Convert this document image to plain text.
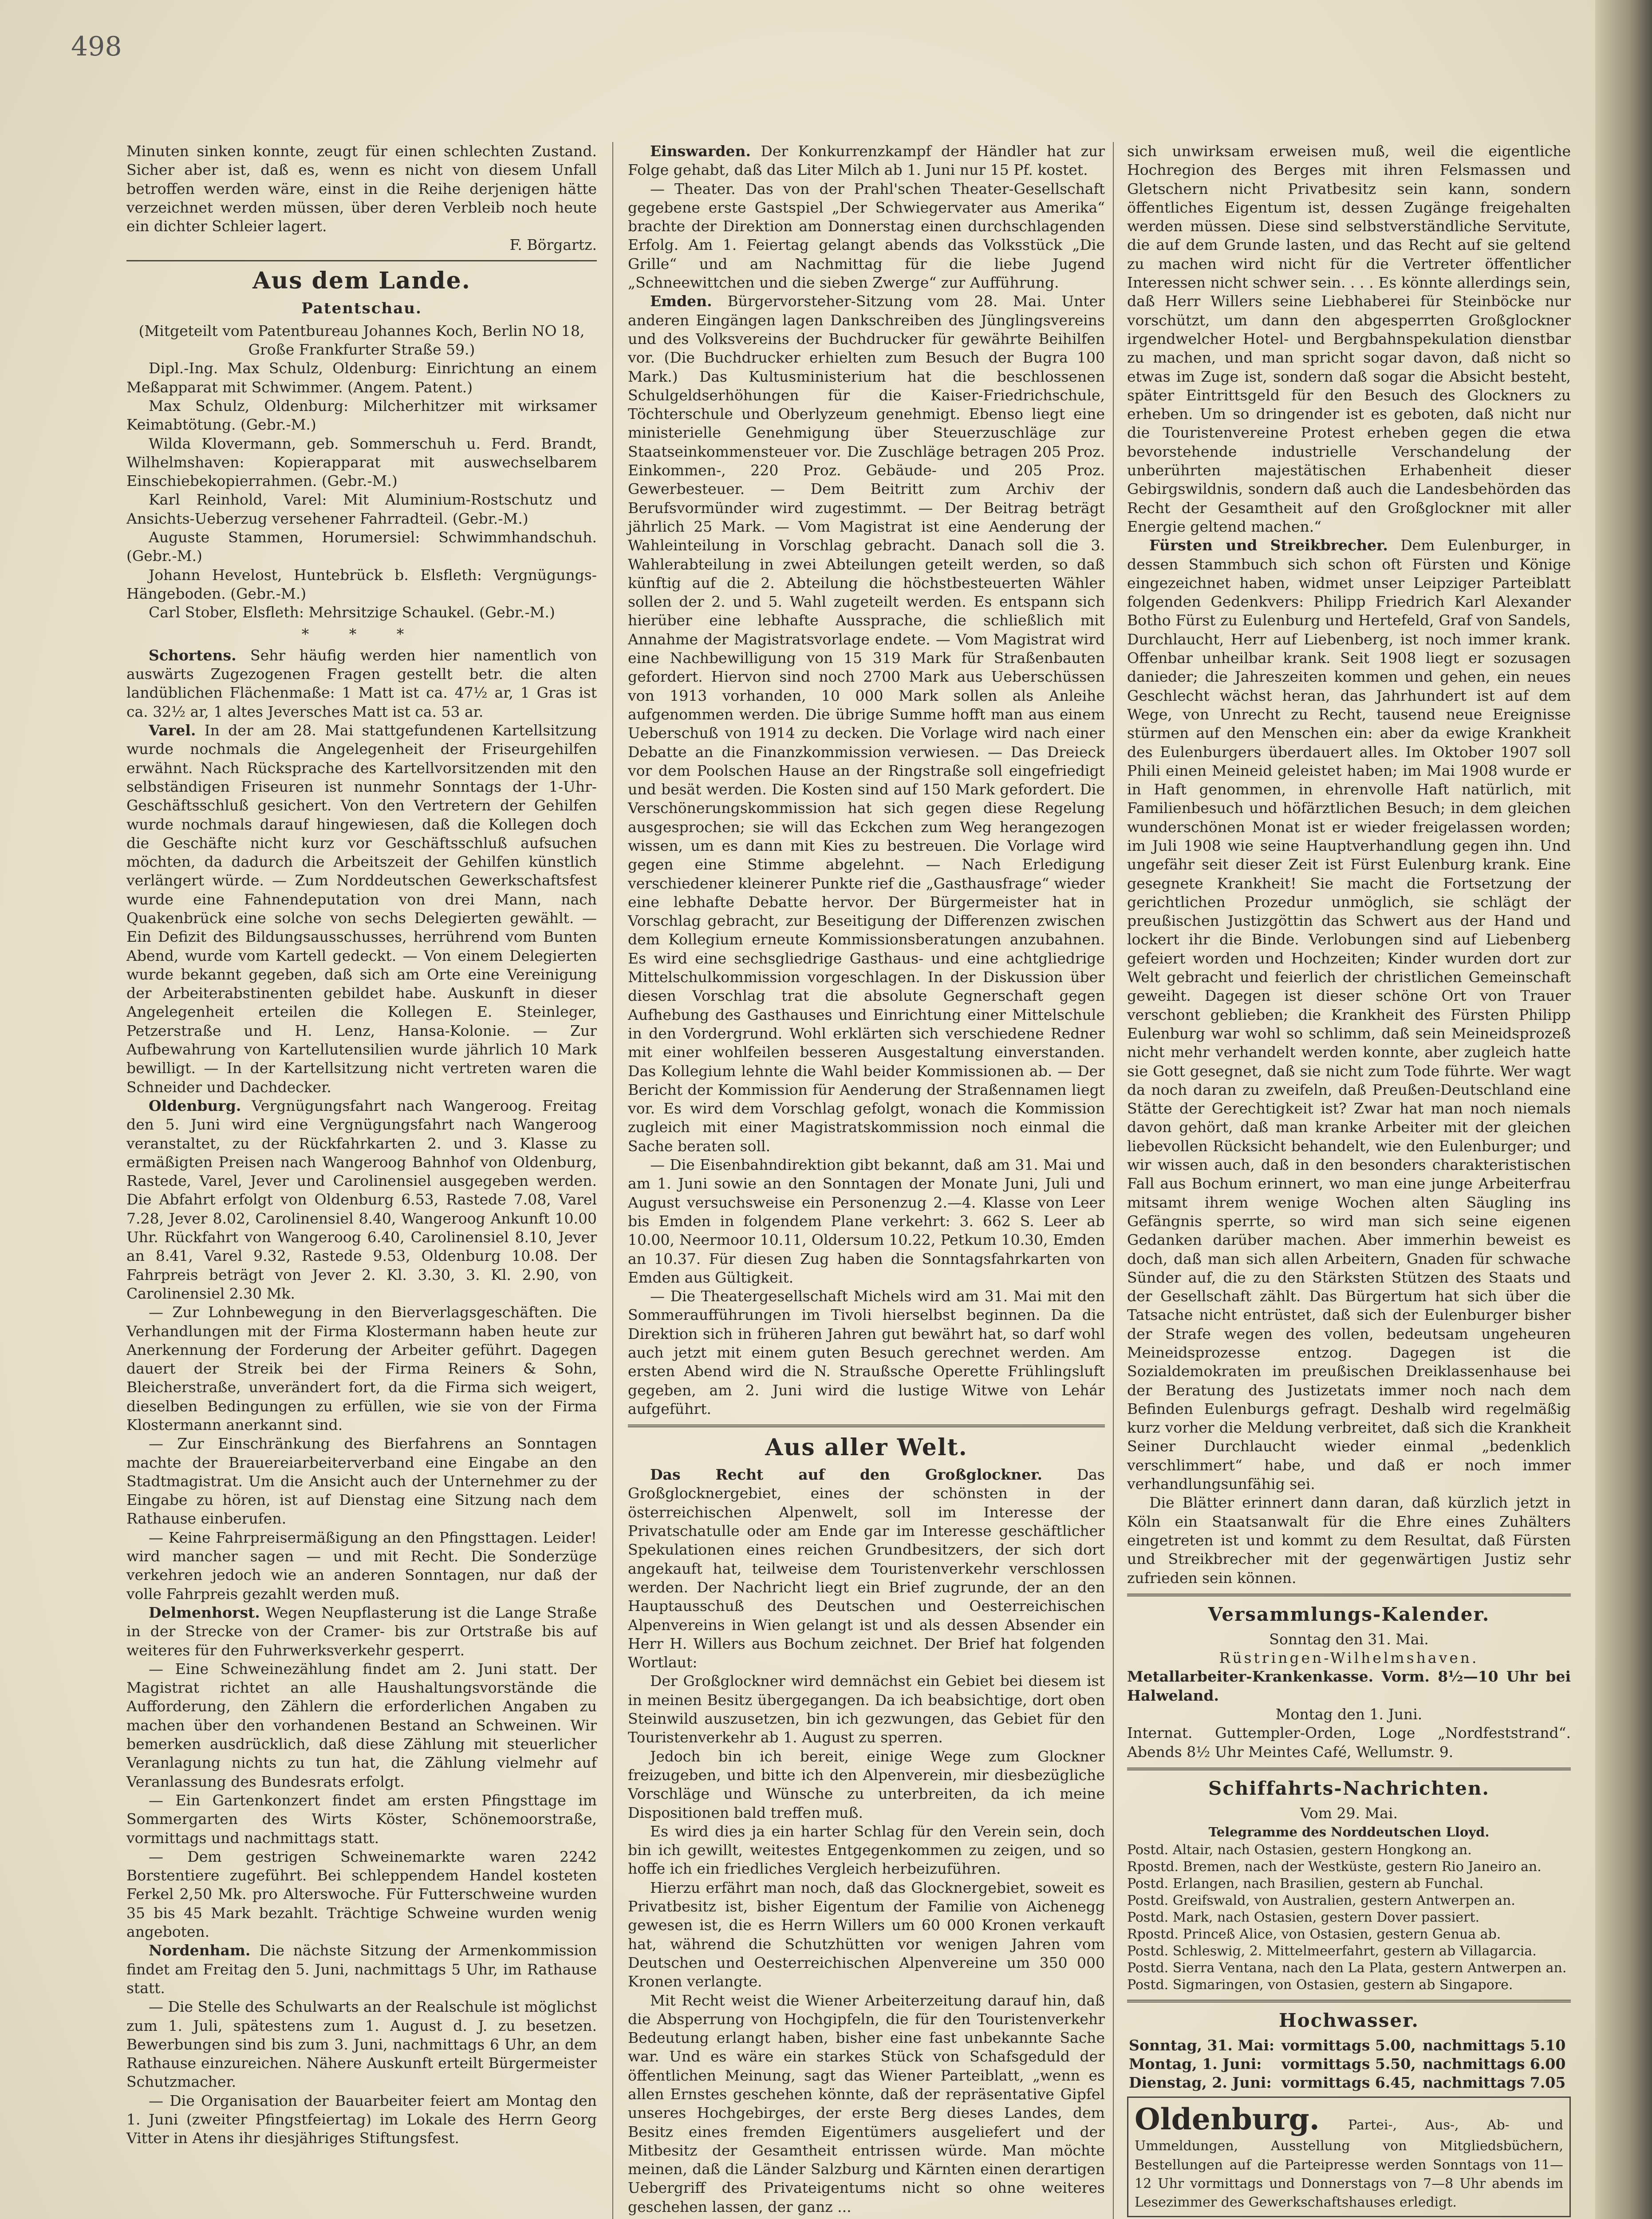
498

Minuten sinken konnte, zeugt für einen schlechten Zustand. Sicher aber ist, daß es, wenn es nicht von diesem Unfall betroffen werden wäre, einst in die Reihe derjenigen hätte verzeichnet werden müssen, über deren Verbleib noch heute ein dichter Schleier lagert.

F. Börgartz.

Aus dem Lande.
Patentschau.

(Mitgeteilt vom Patentbureau Johannes Koch, Berlin NO 18, Große Frankfurter Straße 59.)

Dipl.-Ing. Max Schulz, Oldenburg: Einrichtung an einem Meßapparat mit Schwimmer. (Angem. Patent.)

Max Schulz, Oldenburg: Milcherhitzer mit wirksamer Keimabtötung. (Gebr.-M.)

Wilda Klovermann, geb. Sommerschuh u. Ferd. Brandt, Wilhelmshaven: Kopierapparat mit auswechselbarem Einschiebekopierrahmen. (Gebr.-M.)

Karl Reinhold, Varel: Mit Aluminium-Rostschutz und Ansichts-Ueberzug versehener Fahrradteil. (Gebr.-M.)

Auguste Stammen, Horumersiel: Schwimmhandschuh. (Gebr.-M.)

Johann Hevelost, Huntebrück b. Elsfleth: Vergnügungs-Hängeboden. (Gebr.-M.)

Carl Stober, Elsfleth: Mehrsitzige Schaukel. (Gebr.-M.)

* * *

Schortens. Sehr häufig werden hier namentlich von auswärts Zugezogenen Fragen gestellt betr. die alten landüblichen Flächenmaße: 1 Matt ist ca. 47½ ar, 1 Gras ist ca. 32½ ar, 1 altes Jeversches Matt ist ca. 53 ar.

Varel. In der am 28. Mai stattgefundenen Kartellsitzung wurde nochmals die Angelegenheit der Friseurgehilfen erwähnt. Nach Rücksprache des Kartellvorsitzenden mit den selbständigen Friseuren ist nunmehr Sonntags der 1-Uhr-Geschäftsschluß gesichert. Von den Vertretern der Gehilfen wurde nochmals darauf hingewiesen, daß die Kollegen doch die Geschäfte nicht kurz vor Geschäftsschluß aufsuchen möchten, da dadurch die Arbeitszeit der Gehilfen künstlich verlängert würde. — Zum Norddeutschen Gewerkschaftsfest wurde eine Fahnendeputation von drei Mann, nach Quakenbrück eine solche von sechs Delegierten gewählt. — Ein Defizit des Bildungsausschusses, herrührend vom Bunten Abend, wurde vom Kartell gedeckt. — Von einem Delegierten wurde bekannt gegeben, daß sich am Orte eine Vereinigung der Arbeiterabstinenten gebildet habe. Auskunft in dieser Angelegenheit erteilen die Kollegen E. Steinleger, Petzerstraße und H. Lenz, Hansa-Kolonie. — Zur Aufbewahrung von Kartellutensilien wurde jährlich 10 Mark bewilligt. — In der Kartellsitzung nicht vertreten waren die Schneider und Dachdecker.

Oldenburg. Vergnügungsfahrt nach Wangeroog. Freitag den 5. Juni wird eine Vergnügungsfahrt nach Wangeroog veranstaltet, zu der Rückfahrkarten 2. und 3. Klasse zu ermäßigten Preisen nach Wangeroog Bahnhof von Oldenburg, Rastede, Varel, Jever und Carolinensiel ausgegeben werden. Die Abfahrt erfolgt von Oldenburg 6.53, Rastede 7.08, Varel 7.28, Jever 8.02, Carolinensiel 8.40, Wangeroog Ankunft 10.00 Uhr. Rückfahrt von Wangeroog 6.40, Carolinensiel 8.10, Jever an 8.41, Varel 9.32, Rastede 9.53, Oldenburg 10.08. Der Fahrpreis beträgt von Jever 2. Kl. 3.30, 3. Kl. 2.90, von Carolinensiel 2.30 Mk.

— Zur Lohnbewegung in den Bierverlagsgeschäften. Die Verhandlungen mit der Firma Klostermann haben heute zur Anerkennung der Forderung der Arbeiter geführt. Dagegen dauert der Streik bei der Firma Reiners & Sohn, Bleicherstraße, unverändert fort, da die Firma sich weigert, dieselben Bedingungen zu erfüllen, wie sie von der Firma Klostermann anerkannt sind.

— Zur Einschränkung des Bierfahrens an Sonntagen machte der Brauereiarbeiterverband eine Eingabe an den Stadtmagistrat. Um die Ansicht auch der Unternehmer zu der Eingabe zu hören, ist auf Dienstag eine Sitzung nach dem Rathause einberufen.

— Keine Fahrpreisermäßigung an den Pfingsttagen. Leider! wird mancher sagen — und mit Recht. Die Sonderzüge verkehren jedoch wie an anderen Sonntagen, nur daß der volle Fahrpreis gezahlt werden muß.

Delmenhorst. Wegen Neupflasterung ist die Lange Straße in der Strecke von der Cramer- bis zur Ortstraße bis auf weiteres für den Fuhrwerksverkehr gesperrt.

— Eine Schweinezählung findet am 2. Juni statt. Der Magistrat richtet an alle Haushaltungsvorstände die Aufforderung, den Zählern die erforderlichen Angaben zu machen über den vorhandenen Bestand an Schweinen. Wir bemerken ausdrücklich, daß diese Zählung mit steuerlicher Veranlagung nichts zu tun hat, die Zählung vielmehr auf Veranlassung des Bundesrats erfolgt.

— Ein Gartenkonzert findet am ersten Pfingsttage im Sommergarten des Wirts Köster, Schönemoorstraße, vormittags und nachmittags statt.

— Dem gestrigen Schweinemarkte waren 2242 Borstentiere zugeführt. Bei schleppendem Handel kosteten Ferkel 2,50 Mk. pro Alterswoche. Für Futterschweine wurden 35 bis 45 Mark bezahlt. Trächtige Schweine wurden wenig angeboten.

Nordenham. Die nächste Sitzung der Armenkommission findet am Freitag den 5. Juni, nachmittags 5 Uhr, im Rathause statt.

— Die Stelle des Schulwarts an der Realschule ist möglichst zum 1. Juli, spätestens zum 1. August d. J. zu besetzen. Bewerbungen sind bis zum 3. Juni, nachmittags 6 Uhr, an dem Rathause einzureichen. Nähere Auskunft erteilt Bürgermeister Schutzmacher.

— Die Organisation der Bauarbeiter feiert am Montag den 1. Juni (zweiter Pfingstfeiertag) im Lokale des Herrn Georg Vitter in Atens ihr diesjähriges Stiftungsfest.

Einswarden. Der Konkurrenzkampf der Händler hat zur Folge gehabt, daß das Liter Milch ab 1. Juni nur 15 Pf. kostet.

— Theater. Das von der Prahl'schen Theater-Gesellschaft gegebene erste Gastspiel „Der Schwiegervater aus Amerika“ brachte der Direktion am Donnerstag einen durchschlagenden Erfolg. Am 1. Feiertag gelangt abends das Volksstück „Die Grille“ und am Nachmittag für die liebe Jugend „Schneewittchen und die sieben Zwerge“ zur Aufführung.

Emden. Bürgervorsteher-Sitzung vom 28. Mai. Unter anderen Eingängen lagen Dankschreiben des Jünglingsvereins und des Volksvereins der Buchdrucker für gewährte Beihilfen vor. (Die Buchdrucker erhielten zum Besuch der Bugra 100 Mark.) Das Kultusministerium hat die beschlossenen Schulgeldserhöhungen für die Kaiser-Friedrichschule, Töchterschule und Oberlyzeum genehmigt. Ebenso liegt eine ministerielle Genehmigung über Steuerzuschläge zur Staatseinkommensteuer vor. Die Zuschläge betragen 205 Proz. Einkommen-, 220 Proz. Gebäude- und 205 Proz. Gewerbesteuer. — Dem Beitritt zum Archiv der Berufsvormünder wird zugestimmt. — Der Beitrag beträgt jährlich 25 Mark. — Vom Magistrat ist eine Aenderung der Wahleinteilung in Vorschlag gebracht. Danach soll die 3. Wahlerabteilung in zwei Abteilungen geteilt werden, so daß künftig auf die 2. Abteilung die höchstbesteuerten Wähler sollen der 2. und 5. Wahl zugeteilt werden. Es entspann sich hierüber eine lebhafte Aussprache, die schließlich mit Annahme der Magistratsvorlage endete. — Vom Magistrat wird eine Nachbewilligung von 15 319 Mark für Straßenbauten gefordert. Hiervon sind noch 2700 Mark aus Ueberschüssen von 1913 vorhanden, 10 000 Mark sollen als Anleihe aufgenommen werden. Die übrige Summe hofft man aus einem Ueberschuß von 1914 zu decken. Die Vorlage wird nach einer Debatte an die Finanzkommission verwiesen. — Das Dreieck vor dem Poolschen Hause an der Ringstraße soll eingefriedigt und besät werden. Die Kosten sind auf 150 Mark gefordert. Die Verschönerungskommission hat sich gegen diese Regelung ausgesprochen; sie will das Eckchen zum Weg herangezogen wissen, um es dann mit Kies zu bestreuen. Die Vorlage wird gegen eine Stimme abgelehnt. — Nach Erledigung verschiedener kleinerer Punkte rief die „Gasthausfrage“ wieder eine lebhafte Debatte hervor. Der Bürgermeister hat in Vorschlag gebracht, zur Beseitigung der Differenzen zwischen dem Kollegium erneute Kommissionsberatungen anzubahnen. Es wird eine sechsgliedrige Gasthaus- und eine achtgliedrige Mittelschulkommission vorgeschlagen. In der Diskussion über diesen Vorschlag trat die absolute Gegnerschaft gegen Aufhebung des Gasthauses und Einrichtung einer Mittelschule in den Vordergrund. Wohl erklärten sich verschiedene Redner mit einer wohlfeilen besseren Ausgestaltung einverstanden. Das Kollegium lehnte die Wahl beider Kommissionen ab. — Der Bericht der Kommission für Aenderung der Straßennamen liegt vor. Es wird dem Vorschlag gefolgt, wonach die Kommission zugleich mit einer Magistratskommission noch einmal die Sache beraten soll.

— Die Eisenbahndirektion gibt bekannt, daß am 31. Mai und am 1. Juni sowie an den Sonntagen der Monate Juni, Juli und August versuchsweise ein Personenzug 2.—4. Klasse von Leer bis Emden in folgendem Plane verkehrt: 3. 662 S. Leer ab 10.00, Neermoor 10.11, Oldersum 10.22, Petkum 10.30, Emden an 10.37. Für diesen Zug haben die Sonntagsfahrkarten von Emden aus Gültigkeit.

— Die Theatergesellschaft Michels wird am 31. Mai mit den Sommeraufführungen im Tivoli hierselbst beginnen. Da die Direktion sich in früheren Jahren gut bewährt hat, so darf wohl auch jetzt mit einem guten Besuch gerechnet werden. Am ersten Abend wird die N. Straußsche Operette Frühlingsluft gegeben, am 2. Juni wird die lustige Witwe von Lehár aufgeführt.

Aus aller Welt.

Das Recht auf den Großglockner. Das Großglocknergebiet, eines der schönsten in der österreichischen Alpenwelt, soll im Interesse der Privatschatulle oder am Ende gar im Interesse geschäftlicher Spekulationen eines reichen Grundbesitzers, der sich dort angekauft hat, teilweise dem Touristenverkehr verschlossen werden. Der Nachricht liegt ein Brief zugrunde, der an den Hauptausschuß des Deutschen und Oesterreichischen Alpenvereins in Wien gelangt ist und als dessen Absender ein Herr H. Willers aus Bochum zeichnet. Der Brief hat folgenden Wortlaut:

Der Großglockner wird demnächst ein Gebiet bei diesem ist in meinen Besitz übergegangen. Da ich beabsichtige, dort oben Steinwild auszusetzen, bin ich gezwungen, das Gebiet für den Touristenverkehr ab 1. August zu sperren.

Jedoch bin ich bereit, einige Wege zum Glockner freizugeben, und bitte ich den Alpenverein, mir diesbezügliche Vorschläge und Wünsche zu unterbreiten, da ich meine Dispositionen bald treffen muß.

Es wird dies ja ein harter Schlag für den Verein sein, doch bin ich gewillt, weitestes Entgegenkommen zu zeigen, und so hoffe ich ein friedliches Vergleich herbeizuführen.

Hierzu erfährt man noch, daß das Glocknergebiet, soweit es Privatbesitz ist, bisher Eigentum der Familie von Aichenegg gewesen ist, die es Herrn Willers um 60 000 Kronen verkauft hat, während die Schutzhütten vor wenigen Jahren vom Deutschen und Oesterreichischen Alpenvereine um 350 000 Kronen verlangte.

Mit Recht weist die Wiener Arbeiterzeitung darauf hin, daß die Absperrung von Hochgipfeln, die für den Touristenverkehr Bedeutung erlangt haben, bisher eine fast unbekannte Sache war. Und es wäre ein starkes Stück von Schafsgeduld der öffentlichen Meinung, sagt das Wiener Parteiblatt, „wenn es allen Ernstes geschehen könnte, daß der repräsentative Gipfel unseres Hochgebirges, der erste Berg dieses Landes, dem Besitz eines fremden Eigentümers ausgeliefert und der Mitbesitz der Gesamtheit entrissen würde. Man möchte meinen, daß die Länder Salzburg und Kärnten einen derartigen Uebergriff des Privateigentums nicht so ohne weiteres geschehen lassen, der ganz ...

sich unwirksam erweisen muß, weil die eigentliche Hochregion des Berges mit ihren Felsmassen und Gletschern nicht Privatbesitz sein kann, sondern öffentliches Eigentum ist, dessen Zugänge freigehalten werden müssen. Diese sind selbstverständliche Servitute, die auf dem Grunde lasten, und das Recht auf sie geltend zu machen wird nicht für die Vertreter öffentlicher Interessen nicht schwer sein. . . . Es könnte allerdings sein, daß Herr Willers seine Liebhaberei für Steinböcke nur vorschützt, um dann den abgesperrten Großglockner irgendwelcher Hotel- und Bergbahnspekulation dienstbar zu machen, und man spricht sogar davon, daß nicht so etwas im Zuge ist, sondern daß sogar die Absicht besteht, später Eintrittsgeld für den Besuch des Glockners zu erheben. Um so dringender ist es geboten, daß nicht nur die Touristenvereine Protest erheben gegen die etwa bevorstehende industrielle Verschandelung der unberührten majestätischen Erhabenheit dieser Gebirgswildnis, sondern daß auch die Landesbehörden das Recht der Gesamtheit auf den Großglockner mit aller Energie geltend machen.“

Fürsten und Streikbrecher. Dem Eulenburger, in dessen Stammbuch sich schon oft Fürsten und Könige eingezeichnet haben, widmet unser Leipziger Parteiblatt folgenden Gedenkvers: Philipp Friedrich Karl Alexander Botho Fürst zu Eulenburg und Hertefeld, Graf von Sandels, Durchlaucht, Herr auf Liebenberg, ist noch immer krank. Offenbar unheilbar krank. Seit 1908 liegt er sozusagen danieder; die Jahreszeiten kommen und gehen, ein neues Geschlecht wächst heran, das Jahrhundert ist auf dem Wege, von Unrecht zu Recht, tausend neue Ereignisse stürmen auf den Menschen ein: aber da ewige Krankheit des Eulenburgers überdauert alles. Im Oktober 1907 soll Phili einen Meineid geleistet haben; im Mai 1908 wurde er in Haft genommen, in ehrenvolle Haft natürlich, mit Familienbesuch und höfärztlichen Besuch; in dem gleichen wunderschönen Monat ist er wieder freigelassen worden; im Juli 1908 wie seine Hauptverhandlung gegen ihn. Und ungefähr seit dieser Zeit ist Fürst Eulenburg krank. Eine gesegnete Krankheit! Sie macht die Fortsetzung der gerichtlichen Prozedur unmöglich, sie schlägt der preußischen Justizgöttin das Schwert aus der Hand und lockert ihr die Binde. Verlobungen sind auf Liebenberg gefeiert worden und Hochzeiten; Kinder wurden dort zur Welt gebracht und feierlich der christlichen Gemeinschaft geweiht. Dagegen ist dieser schöne Ort von Trauer verschont geblieben; die Krankheit des Fürsten Philipp Eulenburg war wohl so schlimm, daß sein Meineidsprozeß nicht mehr verhandelt werden konnte, aber zugleich hatte sie Gott gesegnet, daß sie nicht zum Tode führte. Wer wagt da noch daran zu zweifeln, daß Preußen-Deutschland eine Stätte der Gerechtigkeit ist? Zwar hat man noch niemals davon gehört, daß man kranke Arbeiter mit der gleichen liebevollen Rücksicht behandelt, wie den Eulenburger; und wir wissen auch, daß in den besonders charakteristischen Fall aus Bochum erinnert, wo man eine junge Arbeiterfrau mitsamt ihrem wenige Wochen alten Säugling ins Gefängnis sperrte, so wird man sich seine eigenen Gedanken darüber machen. Aber immerhin beweist es doch, daß man sich allen Arbeitern, Gnaden für schwache Sünder auf, die zu den Stärksten Stützen des Staats und der Gesellschaft zählt. Das Bürgertum hat sich über die Tatsache nicht entrüstet, daß sich der Eulenburger bisher der Strafe wegen des vollen, bedeutsam ungeheuren Meineidsprozesse entzog. Dagegen ist die Sozialdemokraten im preußischen Dreiklassenhause bei der Beratung des Justizetats immer noch nach dem Befinden Eulenburgs gefragt. Deshalb wird regelmäßig kurz vorher die Meldung verbreitet, daß sich die Krankheit Seiner Durchlaucht wieder einmal „bedenklich verschlimmert“ habe, und daß er noch immer verhandlungsunfähig sei.

Die Blätter erinnert dann daran, daß kürzlich jetzt in Köln ein Staatsanwalt für die Ehre eines Zuhälters eingetreten ist und kommt zu dem Resultat, daß Fürsten und Streikbrecher mit der gegenwärtigen Justiz sehr zufrieden sein können.

Versammlungs-Kalender.

Sonntag den 31. Mai.

Rüstringen-Wilhelmshaven.

Metallarbeiter-Krankenkasse. Vorm. 8½—10 Uhr bei Halweland.

Montag den 1. Juni.

Internat. Guttempler-Orden, Loge „Nordfeststrand“. Abends 8½ Uhr Meintes Café, Wellumstr. 9.

Schiffahrts-Nachrichten.

Vom 29. Mai.

Telegramme des Norddeutschen Lloyd.

Postd. Altair, nach Ostasien, gestern Hongkong an.
Rpostd. Bremen, nach der Westküste, gestern Rio Janeiro an.
Postd. Erlangen, nach Brasilien, gestern ab Funchal.
Postd. Greifswald, von Australien, gestern Antwerpen an.
Postd. Mark, nach Ostasien, gestern Dover passiert.
Rpostd. Princeß Alice, von Ostasien, gestern Genua ab.
Postd. Schleswig, 2. Mittelmeerfahrt, gestern ab Villagarcia.
Postd. Sierra Ventana, nach den La Plata, gestern Antwerpen an.
Postd. Sigmaringen, von Ostasien, gestern ab Singapore.
Hochwasser.
Sonntag, 31. Mai:	vormittags 5.00,	nachmittags 5.10
Montag, 1. Juni:	vormittags 5.50,	nachmittags 6.00
Dienstag, 2. Juni:	vormittags 6.45,	nachmittags 7.05
Oldenburg. Partei-, Aus-, Ab- und Ummeldungen, Ausstellung von Mitgliedsbüchern, Bestellungen auf die Parteipresse werden Sonntags von 11—12 Uhr vormittags und Donnerstags von 7—8 Uhr abends im Lesezimmer des Gewerkschaftshauses erledigt.
